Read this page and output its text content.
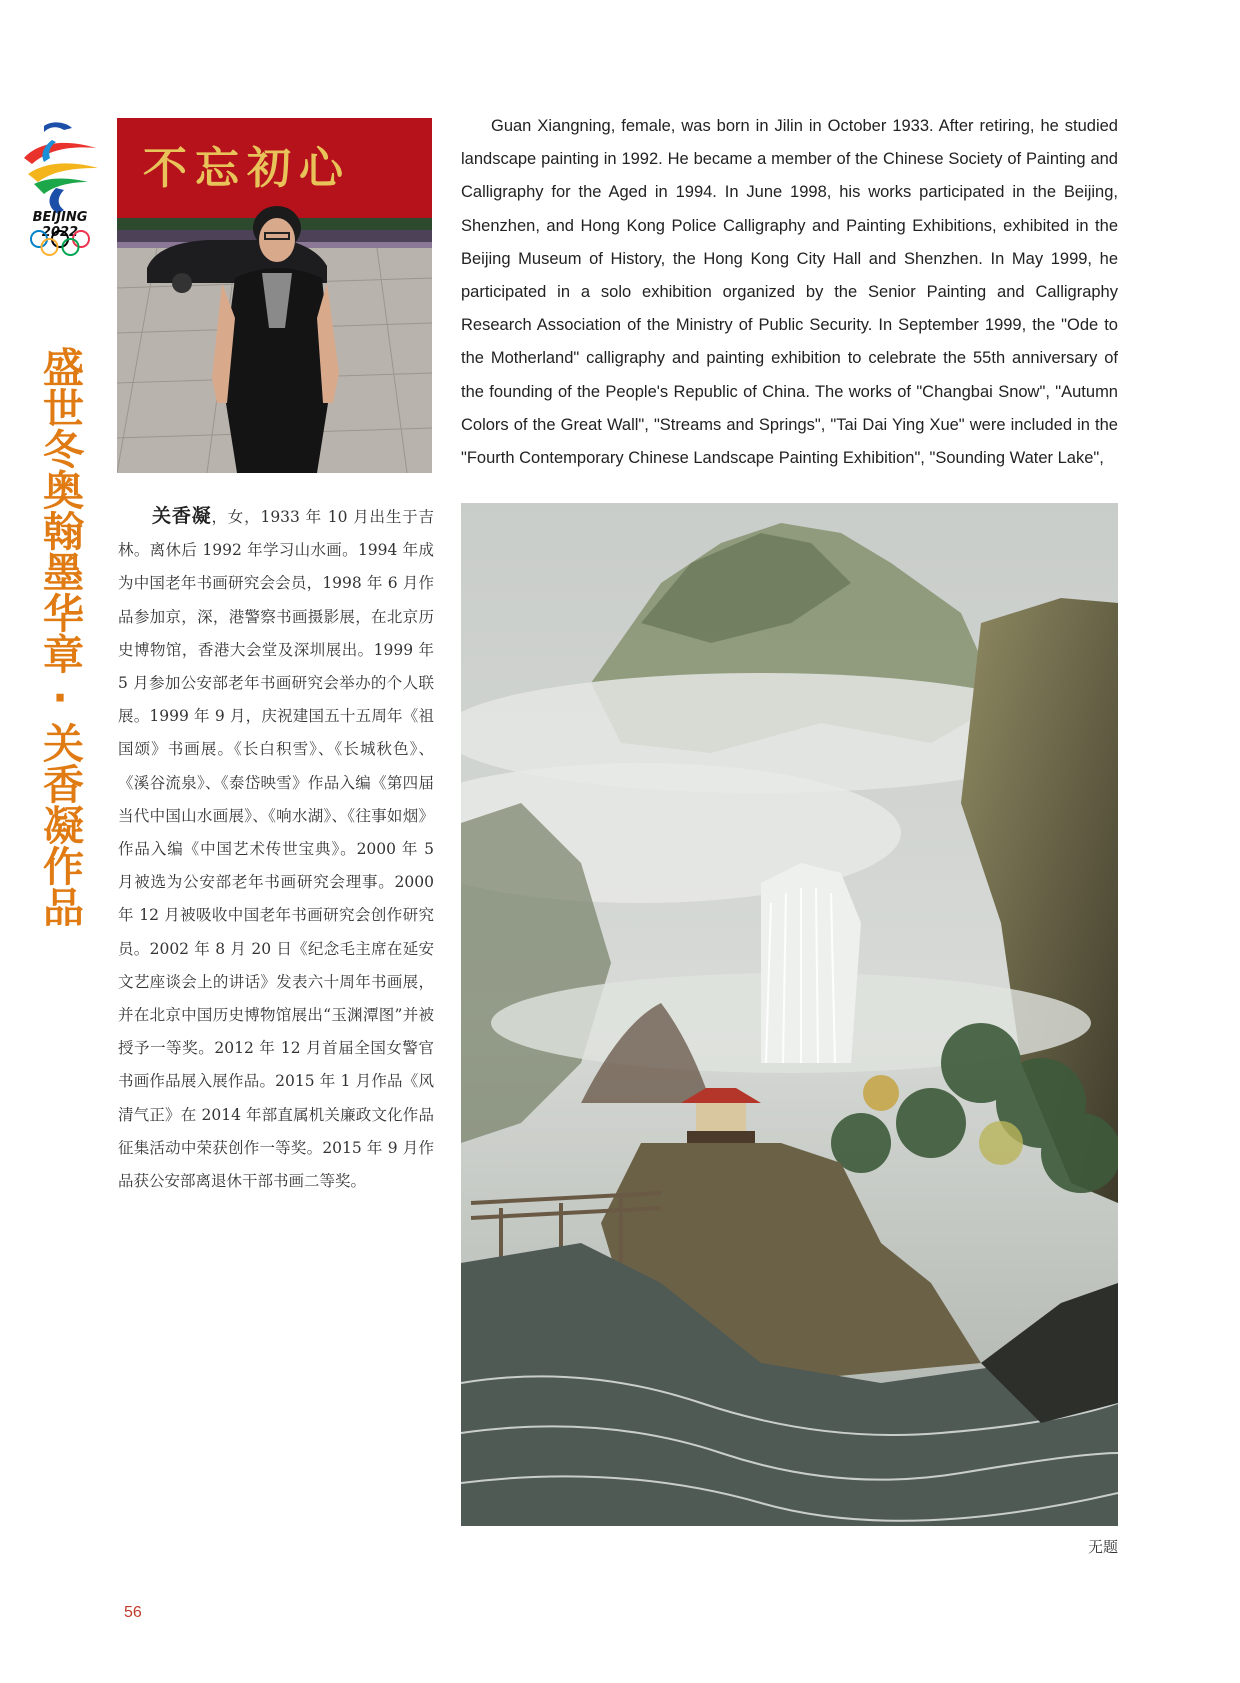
BEIJING 2022
盛世冬奥翰墨华章·关香凝作品
不忘初心
关香凝，女，1933 年 10 月出生于吉林。离休后 1992 年学习山水画。1994 年成为中国老年书画研究会会员，1998 年 6 月作品参加京，深，港警察书画摄影展，在北京历史博物馆，香港大会堂及深圳展出。1999 年 5 月参加公安部老年书画研究会举办的个人联展。1999 年 9 月，庆祝建国五十五周年《祖国颂》书画展。《长白积雪》、《长城秋色》、《溪谷流泉》、《泰岱映雪》作品入编《第四届当代中国山水画展》、《响水湖》、《往事如烟》作品入编《中国艺术传世宝典》。2000 年 5 月被选为公安部老年书画研究会理事。2000 年 12 月被吸收中国老年书画研究会创作研究员。2002 年 8 月 20 日《纪念毛主席在延安文艺座谈会上的讲话》发表六十周年书画展，并在北京中国历史博物馆展出“玉渊潭图”并被授予一等奖。2012 年 12 月首届全国女警官书画作品展入展作品。2015 年 1 月作品《风清气正》在 2014 年部直属机关廉政文化作品征集活动中荣获创作一等奖。2015 年 9 月作品获公安部离退休干部书画二等奖。
Guan Xiangning, female, was born in Jilin in October 1933. After retiring, he studied landscape painting in 1992. He became a member of the Chinese Society of Painting and Calligraphy for the Aged in 1994. In June 1998, his works participated in the Beijing, Shenzhen, and Hong Kong Police Calligraphy and Painting Exhibitions, exhibited in the Beijing Museum of History, the Hong Kong City Hall and Shenzhen. In May 1999, he participated in a solo exhibition organized by the Senior Painting and Calligraphy Research Association of the Ministry of Public Security. In September 1999, the "Ode to the Motherland" calligraphy and painting exhibition to celebrate the 55th anniversary of the founding of the People's Republic of China. The works of "Changbai Snow", "Autumn Colors of the Great Wall", "Streams and Springs", "Tai Dai Ying Xue" were included in the "Fourth Contemporary Chinese Landscape Painting Exhibition", "Sounding Water Lake",
无题
56
